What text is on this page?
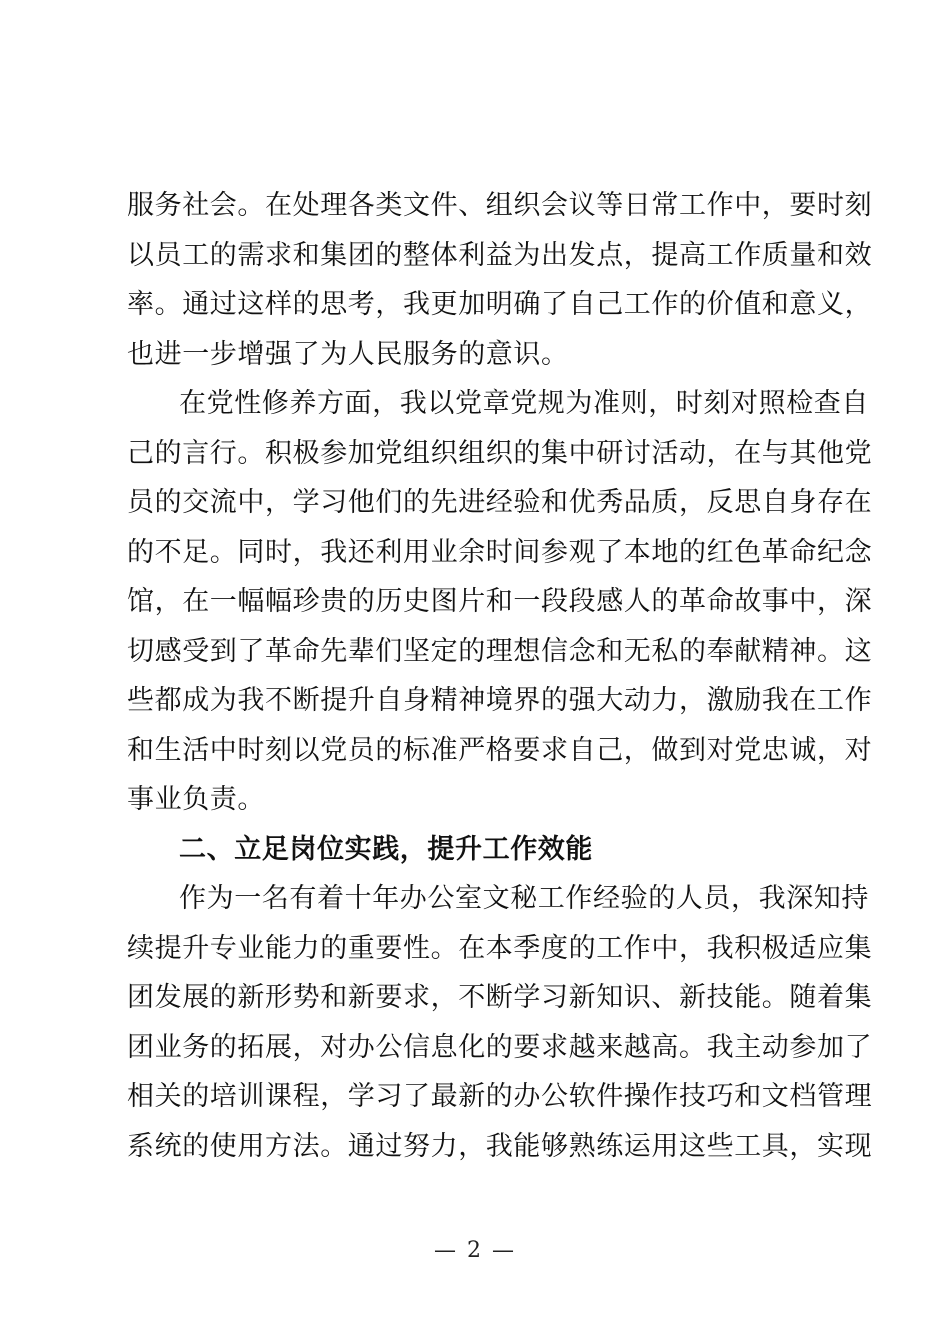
服务社会。在处理各类文件、组织会议等日常工作中，要时刻
以员工的需求和集团的整体利益为出发点，提高工作质量和效
率。通过这样的思考，我更加明确了自己工作的价值和意义，
也进一步增强了为人民服务的意识。
在党性修养方面，我以党章党规为准则，时刻对照检查自
己的言行。积极参加党组织组织的集中研讨活动，在与其他党
员的交流中，学习他们的先进经验和优秀品质，反思自身存在
的不足。同时，我还利用业余时间参观了本地的红色革命纪念
馆，在一幅幅珍贵的历史图片和一段段感人的革命故事中，深
切感受到了革命先辈们坚定的理想信念和无私的奉献精神。这
些都成为我不断提升自身精神境界的强大动力，激励我在工作
和生活中时刻以党员的标准严格要求自己，做到对党忠诚，对
事业负责。
二、立足岗位实践，提升工作效能
作为一名有着十年办公室文秘工作经验的人员，我深知持
续提升专业能力的重要性。在本季度的工作中，我积极适应集
团发展的新形势和新要求，不断学习新知识、新技能。随着集
团业务的拓展，对办公信息化的要求越来越高。我主动参加了
相关的培训课程，学习了最新的办公软件操作技巧和文档管理
系统的使用方法。通过努力，我能够熟练运用这些工具，实现
— 2 —
